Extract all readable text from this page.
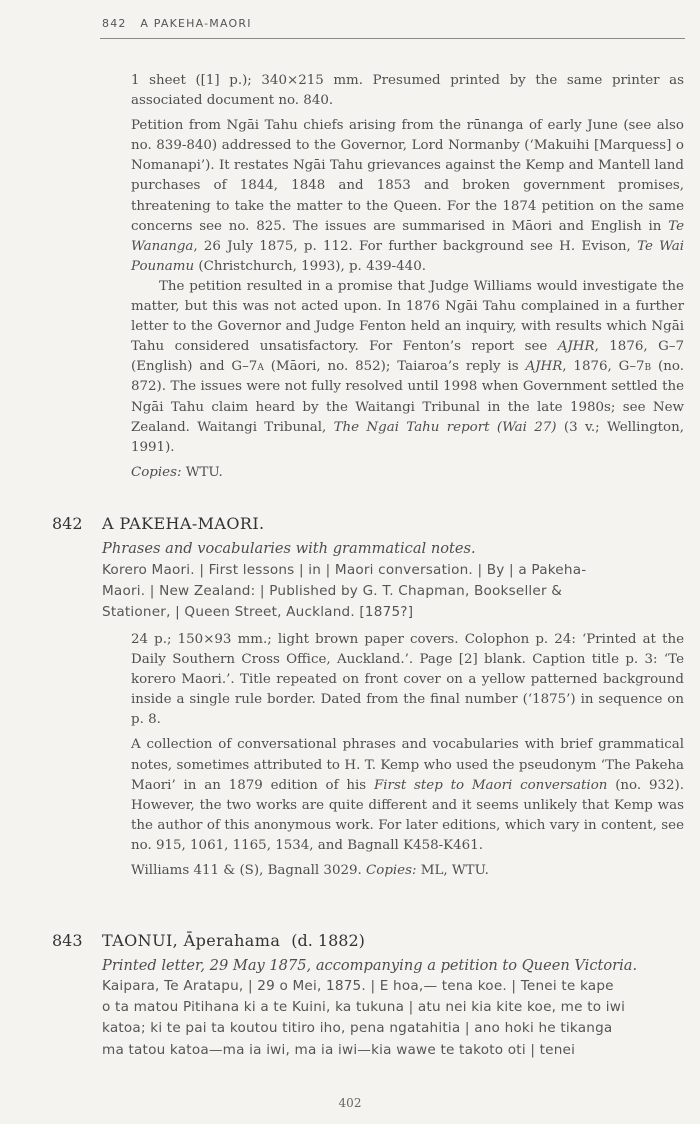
842 A PAKEHA-MAORI

1 sheet ([1] p.); 340×215 mm. Presumed printed by the same printer as associated document no. 840.

Petition from Ngāi Tahu chiefs arising from the rūnanga of early June (see also no. 839-840) addressed to the Governor, Lord Normanby (‘Makuihi [Marquess] o Nomanapi’). It restates Ngāi Tahu grievances against the Kemp and Mantell land purchases of 1844, 1848 and 1853 and broken government promises, threatening to take the matter to the Queen. For the 1874 petition on the same concerns see no. 825. The issues are summarised in Māori and English in Te Wananga, 26 July 1875, p. 112. For further background see H. Evison, Te Wai Pounamu (Christchurch, 1993), p. 439-440.

The petition resulted in a promise that Judge Williams would investigate the matter, but this was not acted upon. In 1876 Ngāi Tahu complained in a further letter to the Governor and Judge Fenton held an inquiry, with results which Ngāi Tahu considered unsatisfactory. For Fenton’s report see AJHR, 1876, G–7 (English) and G–7a (Māori, no. 852); Taiaroa’s reply is AJHR, 1876, G–7b (no. 872). The issues were not fully resolved until 1998 when Government settled the Ngāi Tahu claim heard by the Waitangi Tribunal in the late 1980s; see New Zealand. Waitangi Tribunal, The Ngai Tahu report (Wai 27) (3 v.; Wellington, 1991).

Copies: WTU.

842 A PAKEHA-MAORI.
Phrases and vocabularies with grammatical notes.
Korero Maori. | First lessons | in | Maori conversation. | By | a Pakeha-
Maori. | New Zealand: | Published by G. T. Chapman, Bookseller &
Stationer, | Queen Street, Auckland. [1875?]

24 p.; 150×93 mm.; light brown paper covers. Colophon p. 24: ‘Printed at the Daily Southern Cross Office, Auckland.’. Page [2] blank. Caption title p. 3: ‘Te korero Maori.’. Title repeated on front cover on a yellow patterned background inside a single rule border. Dated from the final number (‘1875’) in sequence on p. 8.

A collection of conversational phrases and vocabularies with brief grammatical notes, sometimes attributed to H. T. Kemp who used the pseudonym ‘The Pakeha Maori’ in an 1879 edition of his First step to Maori conversation (no. 932). However, the two works are quite different and it seems unlikely that Kemp was the author of this anonymous work. For later editions, which vary in content, see no. 915, 1061, 1165, 1534, and Bagnall K458-K461.

Williams 411 & (S), Bagnall 3029. Copies: ML, WTU.

843 TAONUI, Āperahama (d. 1882)
Printed letter, 29 May 1875, accompanying a petition to Queen Victoria.
Kaipara, Te Aratapu, | 29 o Mei, 1875. | E hoa,— tena koe. | Tenei te kape
o ta matou Pitihana ki a te Kuini, ka tukuna | atu nei kia kite koe, me to iwi
katoa; ki te pai ta koutou titiro iho, pena ngatahitia | ano hoki he tikanga
ma tatou katoa—ma ia iwi, ma ia iwi—kia wawe te takoto oti | tenei
402
